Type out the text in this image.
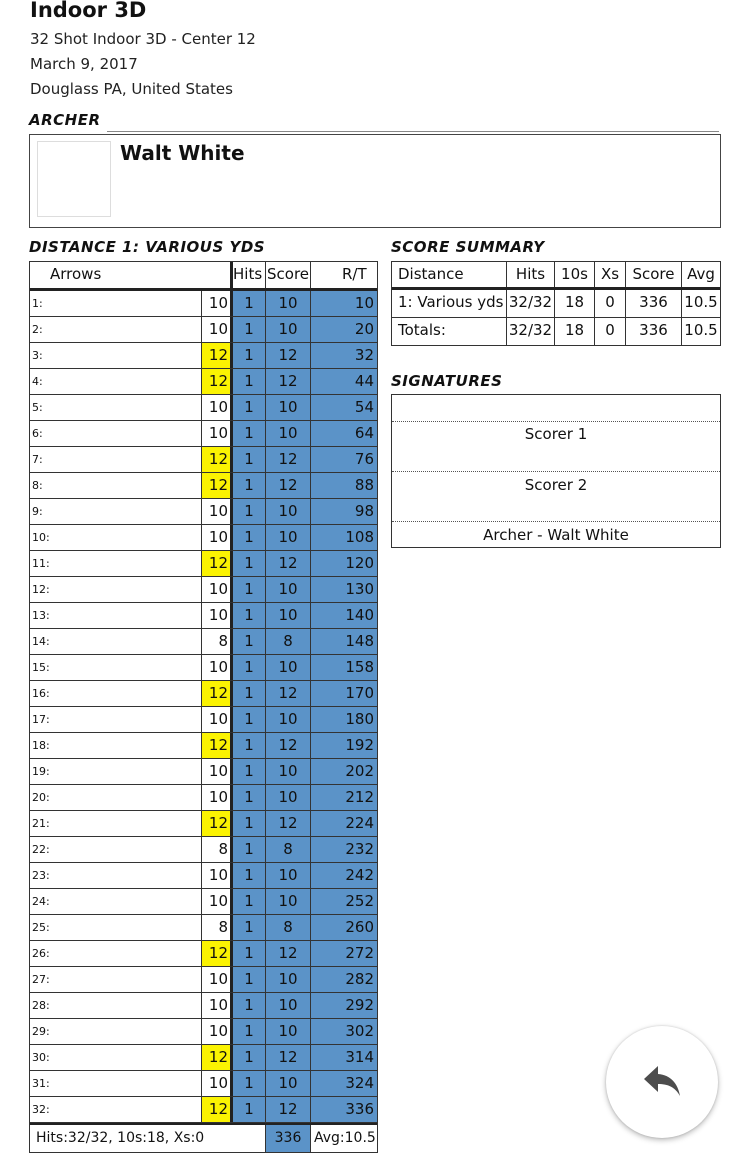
Indoor 3D
32 Shot Indoor 3D - Center 12
March 9, 2017
Douglass PA, United States
ARCHER
Walt White
DISTANCE 1: VARIOUS YDS
Arrows	Hits Score R/T
1:	10	1	10	10
2:	10	1	10	20
3:	12	1	12	32
4:	12	1	12	44
5:	10	1	10	54
6:	10	1	10	64
7:	12	1	12	76
8:	12	1	12	88
9:	10	1	10	98
10:	10	1	10	108
11:	12	1	12	120
12:	10	1	10	130
13:	10	1	10	140
14:	8	1	8	148
15:	10	1	10	158
16:	12	1	12	170
17:	10	1	10	180
18:	12	1	12	192
19:	10	1	10	202
20:	10	1	10	212
21:	12	1	12	224
22:	8	1	8	232
23:	10	1	10	242
24:	10	1	10	252
25:	8	1	8	260
26:	12	1	12	272
27:	10	1	10	282
28:	10	1	10	292
29:	10	1	10	302
30:	12	1	12	314
31:	10	1	10	324
32:	12	1	12	336
Hits:32/32, 10s:18, Xs:0	336 Avg:10.5
SCORE SUMMARY
Distance	Hits	10s Xs Score Avg
1: Various yds 32/32 18	0	336	10.5
Totals:	32/32 18	0	336	10.5
SIGNATURES
Scorer 1
Scorer 2
Archer - Walt White
